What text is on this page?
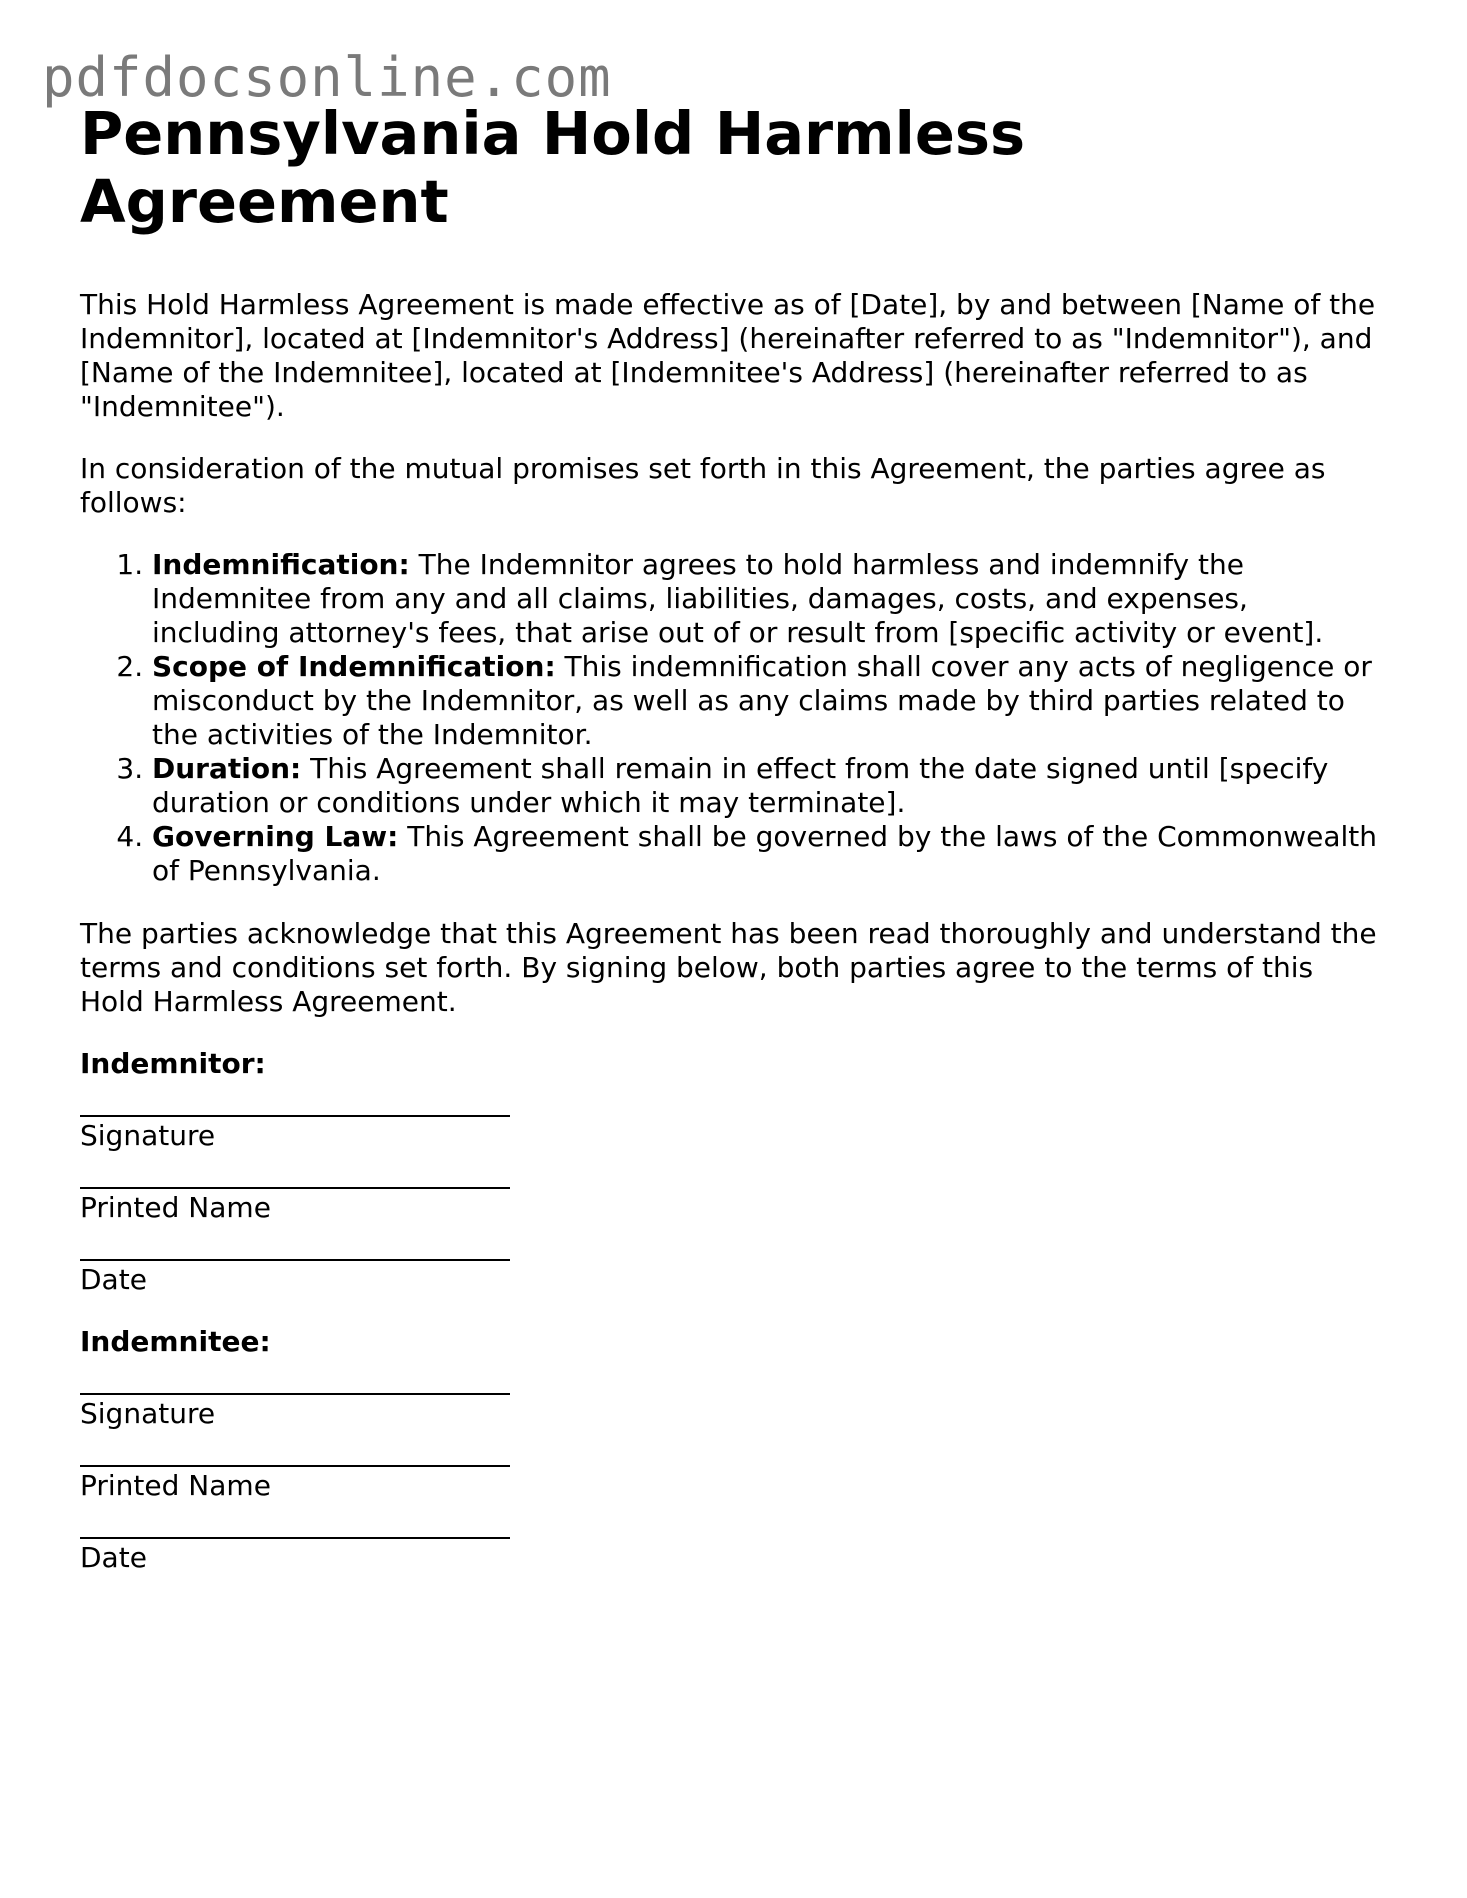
pdfdocsonline.com
Pennsylvania Hold Harmless Agreement

This Hold Harmless Agreement is made effective as of [Date], by and between [Name of the Indemnitor], located at [Indemnitor's Address] (hereinafter referred to as "Indemnitor"), and [Name of the Indemnitee], located at [Indemnitee's Address] (hereinafter referred to as "Indemnitee").

In consideration of the mutual promises set forth in this Agreement, the parties agree as follows:

1. Indemnification: The Indemnitor agrees to hold harmless and indemnify the Indemnitee from any and all claims, liabilities, damages, costs, and expenses, including attorney's fees, that arise out of or result from [specific activity or event].
2. Scope of Indemnification: This indemnification shall cover any acts of negligence or misconduct by the Indemnitor, as well as any claims made by third parties related to the activities of the Indemnitor.
3. Duration: This Agreement shall remain in effect from the date signed until [specify duration or conditions under which it may terminate].
4. Governing Law: This Agreement shall be governed by the laws of the Commonwealth of Pennsylvania.

The parties acknowledge that this Agreement has been read thoroughly and understand the terms and conditions set forth. By signing below, both parties agree to the terms of this Hold Harmless Agreement.

Indemnitor:
Signature
Printed Name
Date
Indemnitee:
Signature
Printed Name
Date
